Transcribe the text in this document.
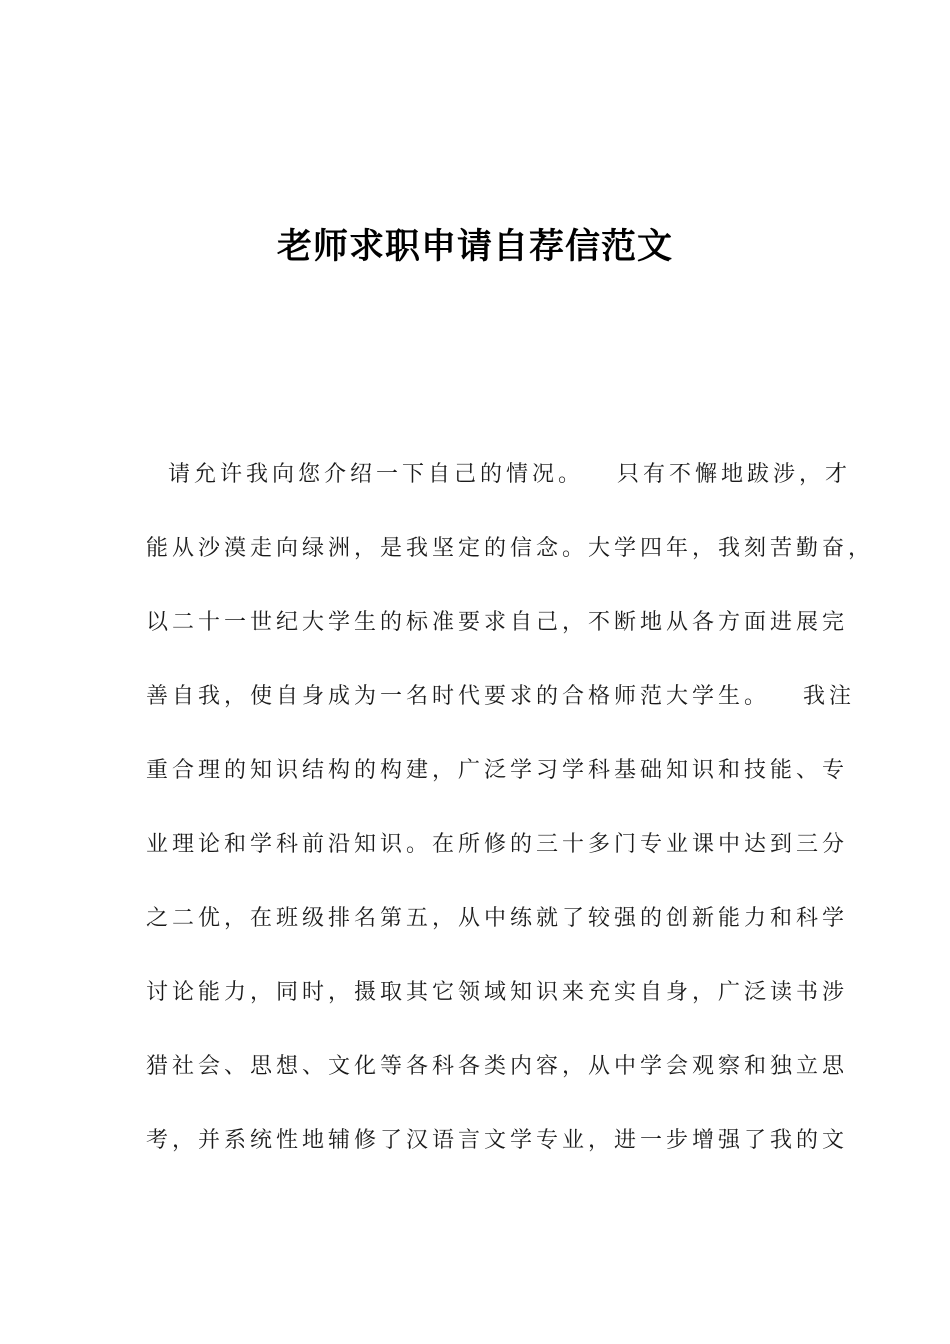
老师求职申请自荐信范文
请允许我向您介绍一下自己的情况。   只有不懈地跋涉，才
能从沙漠走向绿洲，是我坚定的信念。大学四年，我刻苦勤奋，
以二十一世纪大学生的标准要求自己，不断地从各方面进展完
善自我，使自身成为一名时代要求的合格师范大学生。   我注
重合理的知识结构的构建，广泛学习学科基础知识和技能、专
业理论和学科前沿知识。在所修的三十多门专业课中达到三分
之二优，在班级排名第五，从中练就了较强的创新能力和科学
讨论能力，同时，摄取其它领域知识来充实自身，广泛读书涉
猎社会、思想、文化等各科各类内容，从中学会观察和独立思
考，并系统性地辅修了汉语言文学专业，进一步增强了我的文
